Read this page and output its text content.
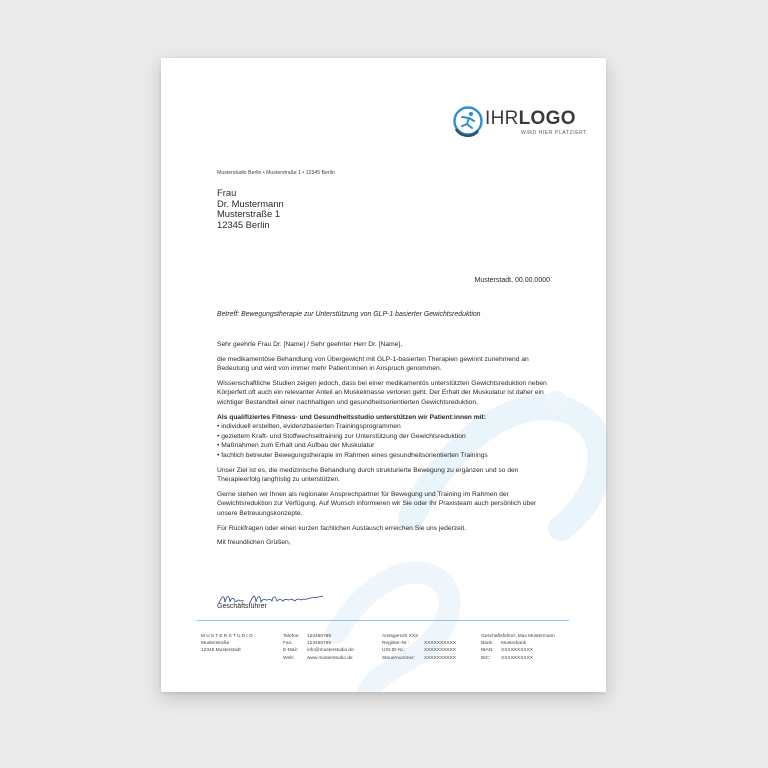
IHRLOGO
WIRD HIER PLATZIERT
Musterstudio Berlin • Musterstraße 1 • 12345 Berlin
Frau
Dr. Mustermann
Musterstraße 1
12345 Berlin
Musterstadt, 00.00.0000
Betreff: Bewegungstherapie zur Unterstützung von GLP-1 basierter Gewichtsreduktion

Sehr geehrte Frau Dr. [Name] / Sehr geehrter Herr Dr. [Name],

die medikamentöse Behandlung von Übergewicht mit GLP-1-basierten Therapien gewinnt zunehmend an Bedeutung und wird von immer mehr Patient:innen in Anspruch genommen.

Wissenschaftliche Studien zeigen jedoch, dass bei einer medikamentös unterstützten Gewichtsreduktion neben Körperfett oft auch ein relevanter Anteil an Muskelmasse verloren geht. Der Erhalt der Muskulatur ist daher ein wichtiger Bestandteil einer nachhaltigen und gesundheitsorientierten Gewichtsreduktion.

Als qualifiziertes Fitness- und Gesundheitsstudio unterstützen wir Patient:innen mit:
• individuell erstellten, evidenzbasierten Trainingsprogrammen
• gezieltem Kraft- und Stoffwechseltraining zur Unterstützung der Gewichtsreduktion
• Maßnahmen zum Erhalt und Aufbau der Muskulatur
• fachlich betreuter Bewegungstherapie im Rahmen eines gesundheitsorientierten Trainings

Unser Ziel ist es, die medizinische Behandlung durch strukturierte Bewegung zu ergänzen und so den Therapieerfolg langfristig zu unterstützen.

Gerne stehen wir Ihnen als regionaler Ansprechpartner für Bewegung und Training im Rahmen der Gewichtsreduktion zur Verfügung. Auf Wunsch informieren wir Sie oder Ihr Praxisteam auch persönlich über unsere Betreuungskonzepte.

Für Rückfragen oder einen kurzen fachlichen Austausch erreichen Sie uns jederzeit.

Mit freundlichen Grüßen,

Geschäftsführer
MUSTERSTUDIO
Musterstraße
12345 Musterstadt
Telefon:	123456789
Fax:	123456789
E-Mail:	info@musterstudio.de
Web:	www.musterstudio.de
Amtsgericht XXX
Register-Nr.:	XXXXXXXXXX
USt-ID-Nr.:	XXXXXXXXXX
Steuernummer:	XXXXXXXXXX
Geschäftsführer: Max Mustermann
Bank:	Musterbank
IBAN:	XXXXXXXXXX
BIC:	XXXXXXXXXX
